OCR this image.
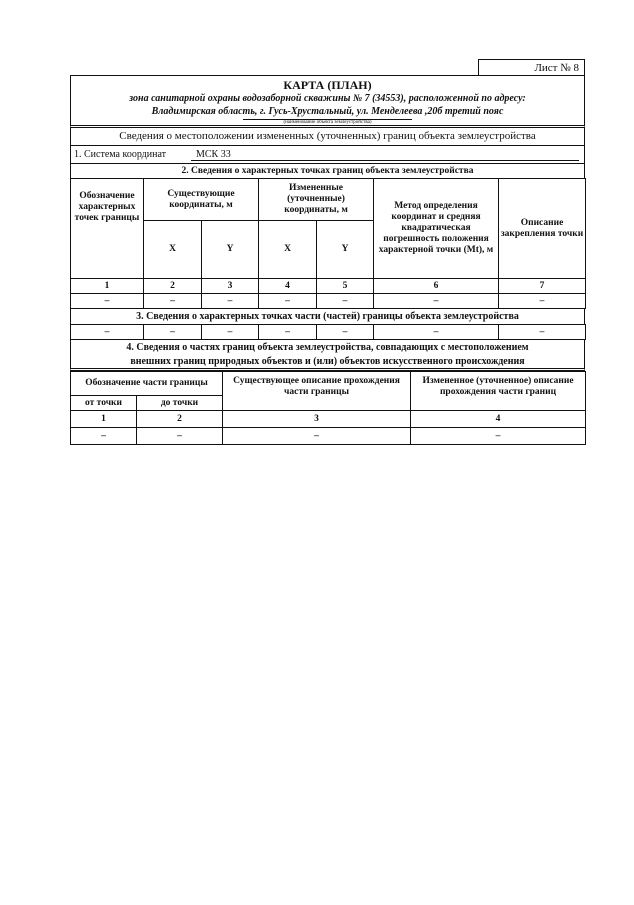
Лист № 8
КАРТА (ПЛАН)
зона санитарной охраны водозаборной скважины № 7 (34553), расположенной по адресу:
Владимирская область, г. Гусь-Хрустальный, ул. Менделеева ,20б третий пояс
(наименование объекта землеустройства)
Сведения о местоположении измененных (уточненных) границ объекта землеустройства
1. Система координат	МСК 33
2. Сведения о характерных точках границ объекта землеустройства
Обозначение характерных точек границы	Существующие координаты, м		Измененные (уточненные) координаты, м		Метод определения координат и средняя квадратическая погрешность положения характерной точки (Mt), м	Описание закрепления точки
	X	Y	X	Y		
1	2	3	4	5	6	7
–	–	–	–	–	–	–
3. Сведения о характерных точках части (частей) границы объекта землеустройства
–	–	–	–	–	–	–
4. Сведения о частях границ объекта землеустройства, совпадающих с местоположением
внешних границ природных объектов и (или) объектов искусственного происхождения
Обозначение части границы		Существующее описание прохождения части границы	Измененное (уточненное) описание прохождения части границ
от точки	до точки		
1	2	3	4
–	–	–	–
